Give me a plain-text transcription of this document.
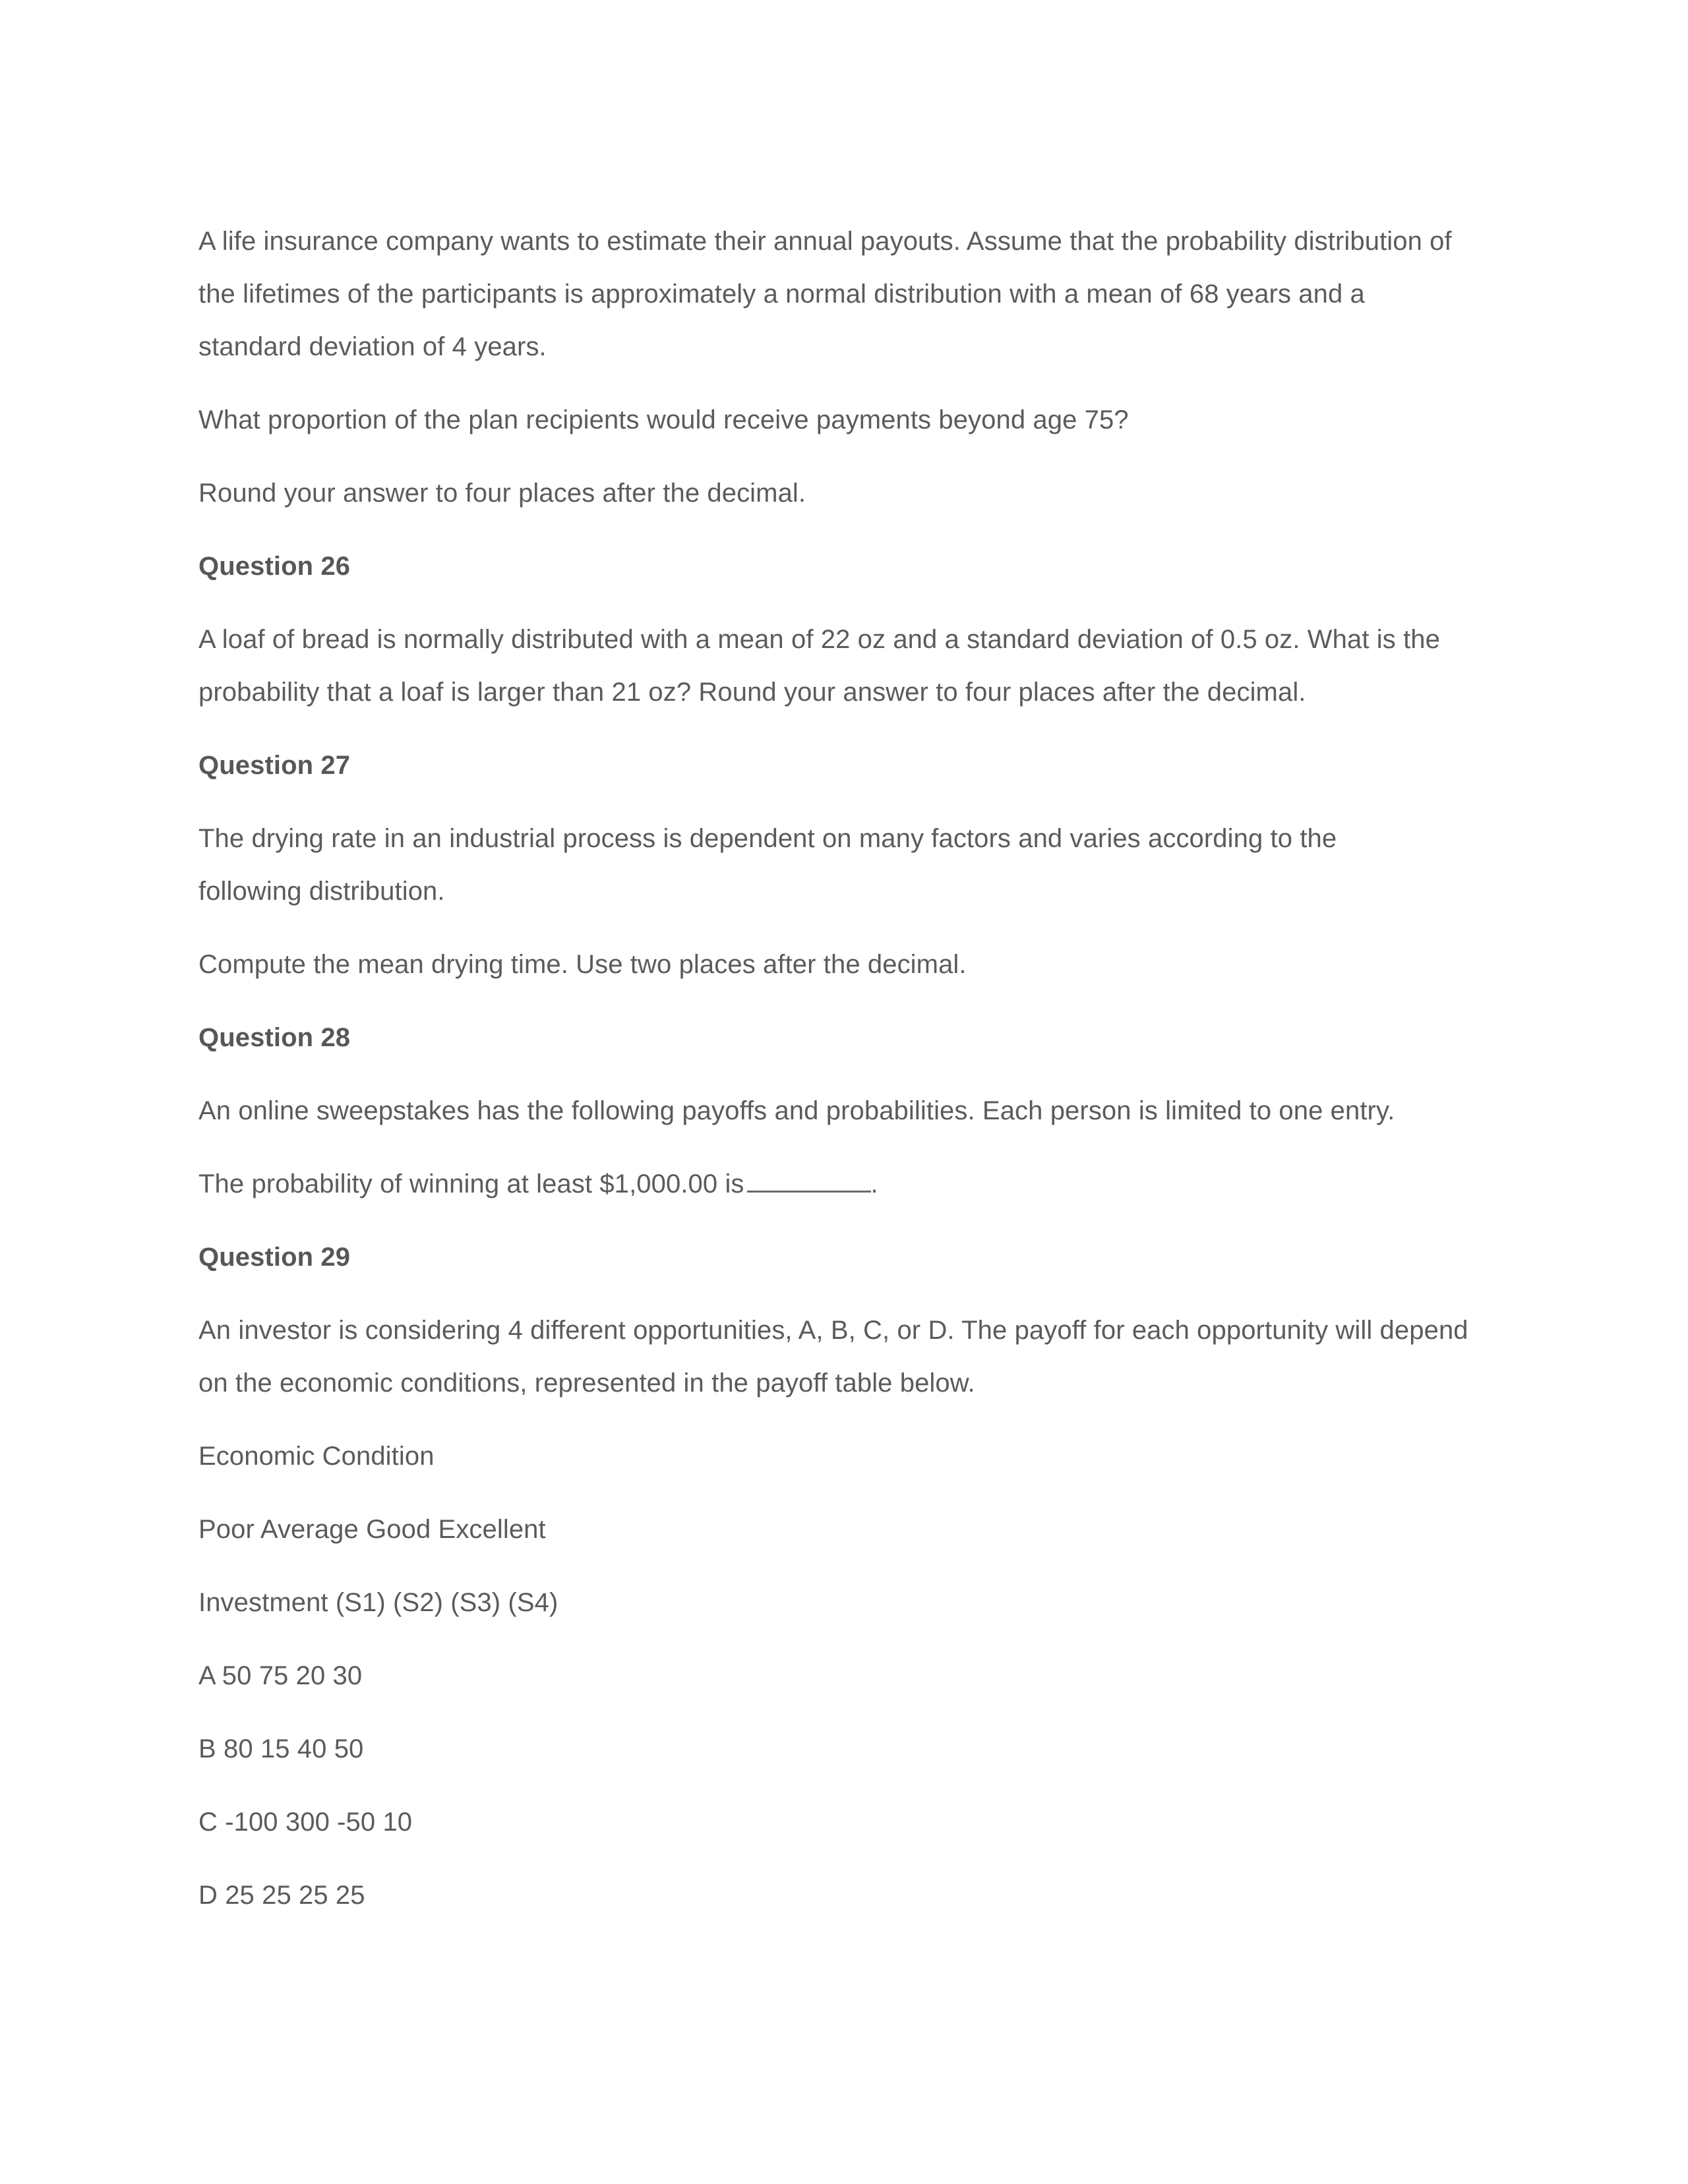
A life insurance company wants to estimate their annual payouts. Assume that the probability distribution of the lifetimes of the participants is approximately a normal distribution with a mean of 68 years and a standard deviation of 4 years.

What proportion of the plan recipients would receive payments beyond age 75?

Round your answer to four places after the decimal.

Question 26

A loaf of bread is normally distributed with a mean of 22 oz and a standard deviation of 0.5 oz. What is the probability that a loaf is larger than 21 oz? Round your answer to four places after the decimal.

Question 27

The drying rate in an industrial process is dependent on many factors and varies according to the following distribution.

Compute the mean drying time. Use two places after the decimal.

Question 28

An online sweepstakes has the following payoffs and probabilities. Each person is limited to one entry.

The probability of winning at least $1,000.00 is	.

Question 29

An investor is considering 4 different opportunities, A, B, C, or D. The payoff for each opportunity will depend on the economic conditions, represented in the payoff table below.

Economic Condition

Poor Average Good Excellent

Investment (S1) (S2) (S3) (S4)

A 50 75 20 30

B 80 15 40 50

C -100 300 -50 10

D 25 25 25 25
